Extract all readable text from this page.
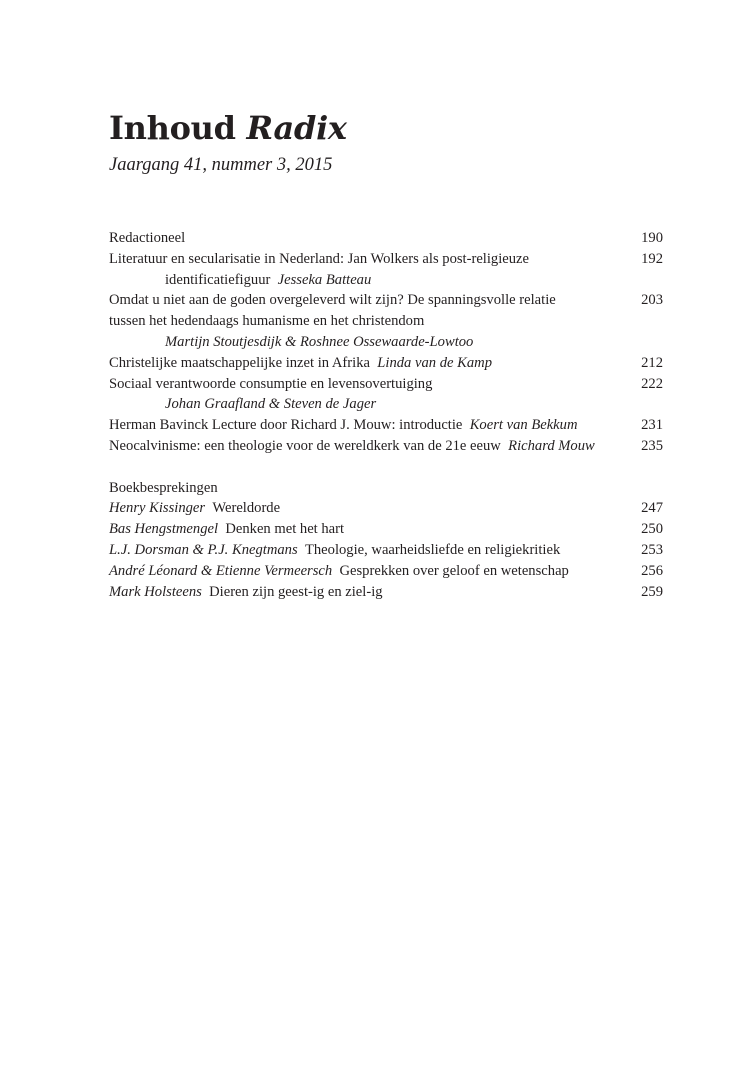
Inhoud Radix
Jaargang 41, nummer 3, 2015
Redactioneel	190
Literatuur en secularisatie in Nederland: Jan Wolkers als post-religieuze	192
identificatiefiguur Jesseka Batteau
Omdat u niet aan de goden overgeleverd wilt zijn? De spanningsvolle relatie	203
tussen het hedendaags humanisme en het christendom
Martijn Stoutjesdijk & Roshnee Ossewaarde-Lowtoo
Christelijke maatschappelijke inzet in Afrika Linda van de Kamp	212
Sociaal verantwoorde consumptie en levensovertuiging	222
Johan Graafland & Steven de Jager
Herman Bavinck Lecture door Richard J. Mouw: introductie Koert van Bekkum	231
Neocalvinisme: een theologie voor de wereldkerk van de 21e eeuw Richard Mouw	235
Boekbesprekingen
Henry Kissinger Wereldorde	247
Bas Hengstmengel Denken met het hart	250
L.J. Dorsman & P.J. Knegtmans Theologie, waarheidsliefde en religiekritiek	253
André Léonard & Etienne Vermeersch Gesprekken over geloof en wetenschap	256
Mark Holsteens Dieren zijn geest-ig en ziel-ig	259
